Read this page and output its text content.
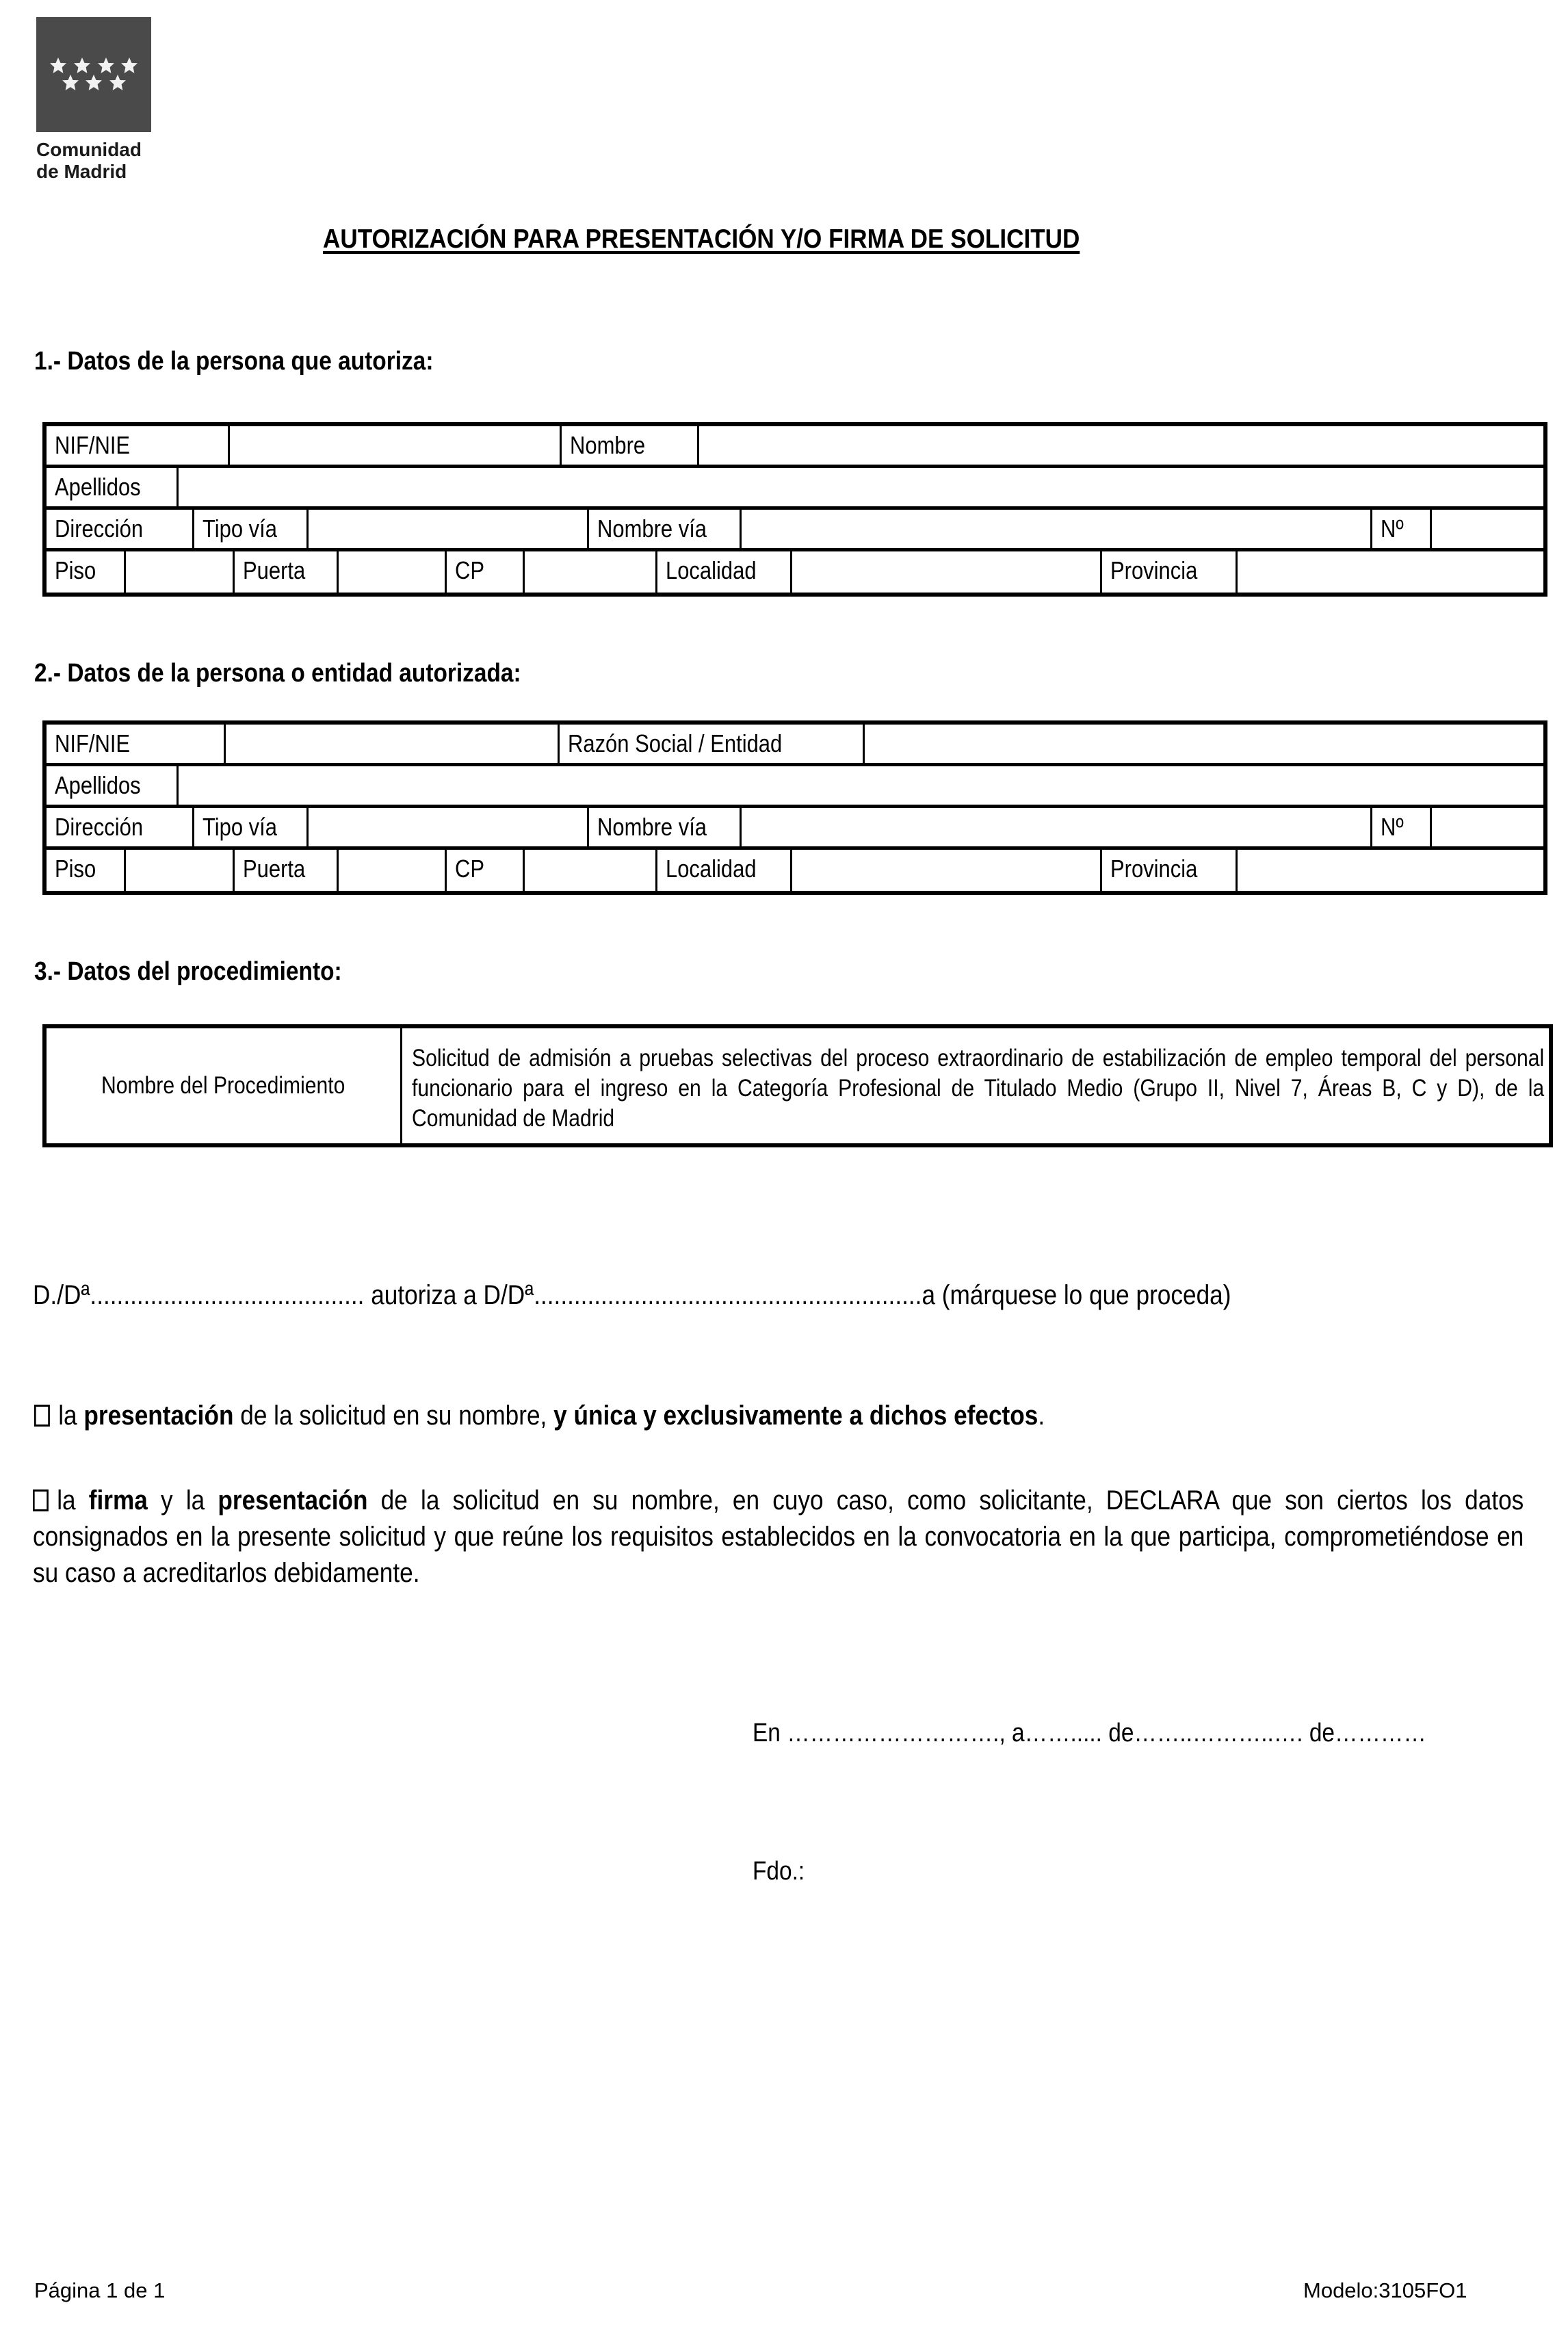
Comunidad
de Madrid
AUTORIZACIÓN PARA PRESENTACIÓN Y/O FIRMA DE SOLICITUD
1.- Datos de la persona que autoriza:
NIF/NIE	Nombre
Apellidos
Dirección	Tipo vía	Nombre vía	Nº
Piso	Puerta	CP	Localidad	Provincia
2.- Datos de la persona o entidad autorizada:
NIF/NIE	Razón Social / Entidad
Apellidos
Dirección	Tipo vía	Nombre vía	Nº
Piso	Puerta	CP	Localidad	Provincia
3.- Datos del procedimiento:
Nombre del Procedimiento
Solicitud de admisión a pruebas selectivas del proceso extraordinario de estabilización de empleo temporal del personal funcionario para el ingreso en la Categoría Profesional de Titulado Medio (Grupo II, Nivel 7, Áreas B, C y D), de la Comunidad de Madrid
D./Dª......................................... autoriza a D/Dª..........................................................a (márquese lo que proceda)
la presentación de la solicitud en su nombre, y única y exclusivamente a dichos efectos.
la firma y la presentación de la solicitud en su nombre, en cuyo caso, como solicitante, DECLARA que son ciertos los datos consignados en la presente solicitud y que reúne los requisitos establecidos en la convocatoria en la que participa, comprometiéndose en su caso a acreditarlos debidamente.
En ………………………., a……..... de……..………..…. de…………
Fdo.:
Página 1 de 1	Modelo:3105FO1
